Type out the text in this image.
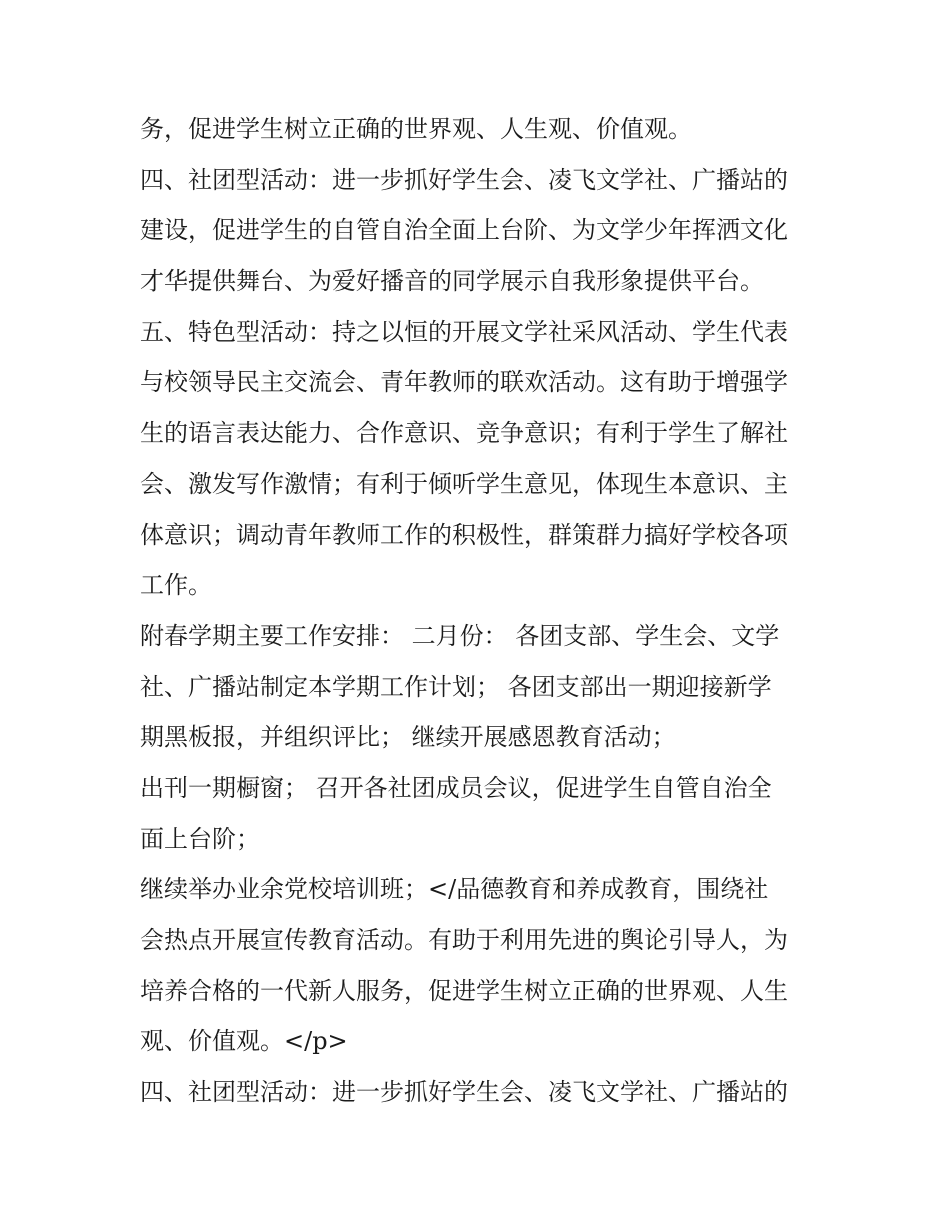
务，促进学生树立正确的世界观、人生观、价值观。
四、社团型活动：进一步抓好学生会、凌飞文学社、广播站的
建设，促进学生的自管自治全面上台阶、为文学少年挥洒文化
才华提供舞台、为爱好播音的同学展示自我形象提供平台。
五、特色型活动：持之以恒的开展文学社采风活动、学生代表
与校领导民主交流会、青年教师的联欢活动。这有助于增强学
生的语言表达能力、合作意识、竞争意识；有利于学生了解社
会、激发写作激情；有利于倾听学生意见，体现生本意识、主
体意识；调动青年教师工作的积极性，群策群力搞好学校各项
工作。
附春学期主要工作安排： 二月份： 各团支部、学生会、文学
社、广播站制定本学期工作计划； 各团支部出一期迎接新学
期黑板报，并组织评比； 继续开展感恩教育活动；
出刊一期橱窗； 召开各社团成员会议，促进学生自管自治全
面上台阶；
继续举办业余党校培训班；</品德教育和养成教育，围绕社
会热点开展宣传教育活动。有助于利用先进的舆论引导人，为
培养合格的一代新人服务，促进学生树立正确的世界观、人生
观、价值观。</p>
四、社团型活动：进一步抓好学生会、凌飞文学社、广播站的
